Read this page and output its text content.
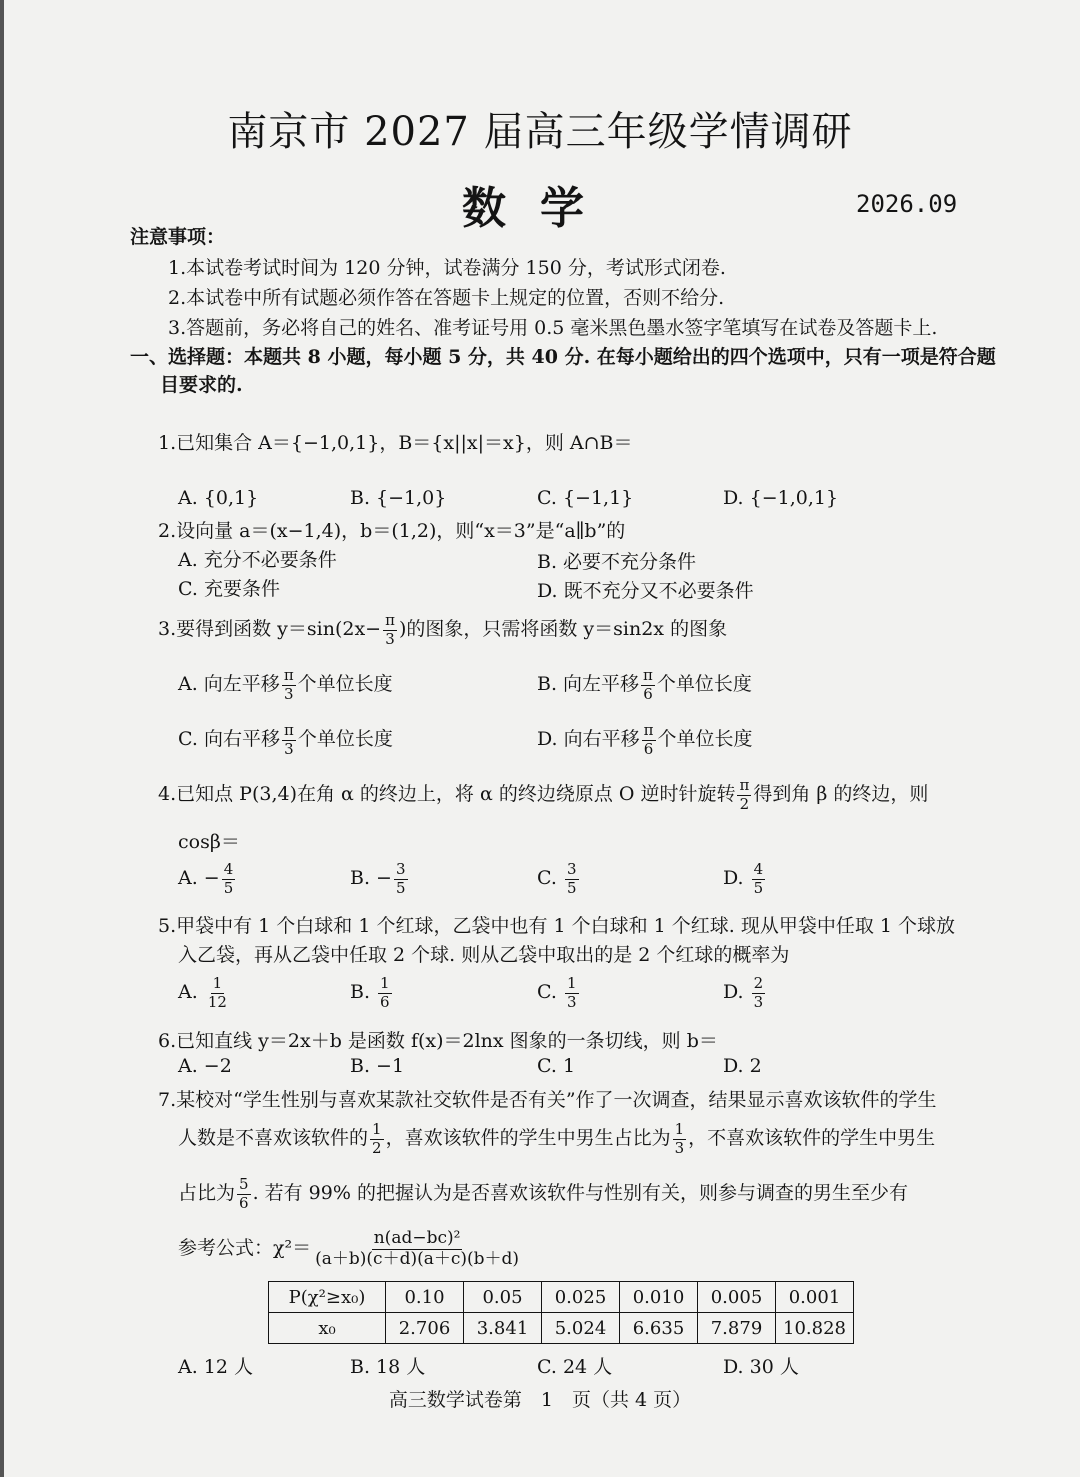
南京市 2027 届高三年级学情调研
数学	2026.09
注意事项：
1.本试卷考试时间为 120 分钟，试卷满分 150 分，考试形式闭卷.
2.本试卷中所有试题必须作答在答题卡上规定的位置，否则不给分.
3.答题前，务必将自己的姓名、准考证号用 0.5 毫米黑色墨水签字笔填写在试卷及答题卡上.
一、选择题：本题共 8 小题，每小题 5 分，共 40 分. 在每小题给出的四个选项中，只有一项是符合题
目要求的.
1.已知集合 A＝{−1,0,1}，B＝{x||x|＝x}，则 A∩B＝
A. {0,1}	B. {−1,0}	C. {−1,1}	D. {−1,0,1}
2.设向量 a＝(x−1,4)，b＝(1,2)，则“x＝3”是“a∥b”的
A. 充分不必要条件	B. 必要不充分条件
C. 充要条件	D. 既不充分又不必要条件
3.要得到函数 $y=\sin(2x- \frac{\pi}{3}$ )的图象，只需将函数 y＝sin2x 的图象
A. 向左平移 $\frac{\pi}{3}$ 个单位长度	B. 向左平移 $\frac{\pi}{6}$ 个单位长度
C. 向右平移 $\frac{\pi}{3}$ 个单位长度	D. 向右平移 $\frac{\pi}{6}$ 个单位长度
4.已知点 P(3,4)在角 α 的终边上，将 α 的终边绕原点 O 逆时针旋转 $\frac{\pi}{2}$ 得到角 β 的终边，则
cosβ＝
A. − $\frac{4}{5}$	B. − $\frac{3}{5}$	C. $\frac{3}{5}$	D. $\frac{4}{5}$
5.甲袋中有 1 个白球和 1 个红球，乙袋中也有 1 个白球和 1 个红球. 现从甲袋中任取 1 个球放
入乙袋，再从乙袋中任取 2 个球. 则从乙袋中取出的是 2 个红球的概率为
A. $\frac{1}{12}$	B. $\frac{1}{6}$	C. $\frac{1}{3}$	D. $\frac{2}{3}$
6.已知直线 y＝2x＋b 是函数 f(x)＝2lnx 图象的一条切线，则 b＝
A. −2	B. −1	C. 1	D. 2
7.某校对“学生性别与喜欢某款社交软件是否有关”作了一次调查，结果显示喜欢该软件的学生
人数是不喜欢该软件的 $\frac{1}{2}$ ，喜欢该软件的学生中男生占比为 $\frac{1}{3}$ ，不喜欢该软件的学生中男生
占比为 $\frac{5}{6}$ . 若有 99% 的把握认为是否喜欢该软件与性别有关，则参与调查的男生至少有
参考公式：$\chi^2= \frac{\text{n(ad−bc)²}}{(a+b)(c+d)(a+c)(b+d)}$
P(χ²≥x₀)	0.10	0.05	0.025	0.010	0.005	0.001
x₀	2.706	3.841	5.024	6.635	7.879	10.828
A. 12 人	B. 18 人	C. 24 人	D. 30 人
高三数学试卷第　1　页（共 4 页）
